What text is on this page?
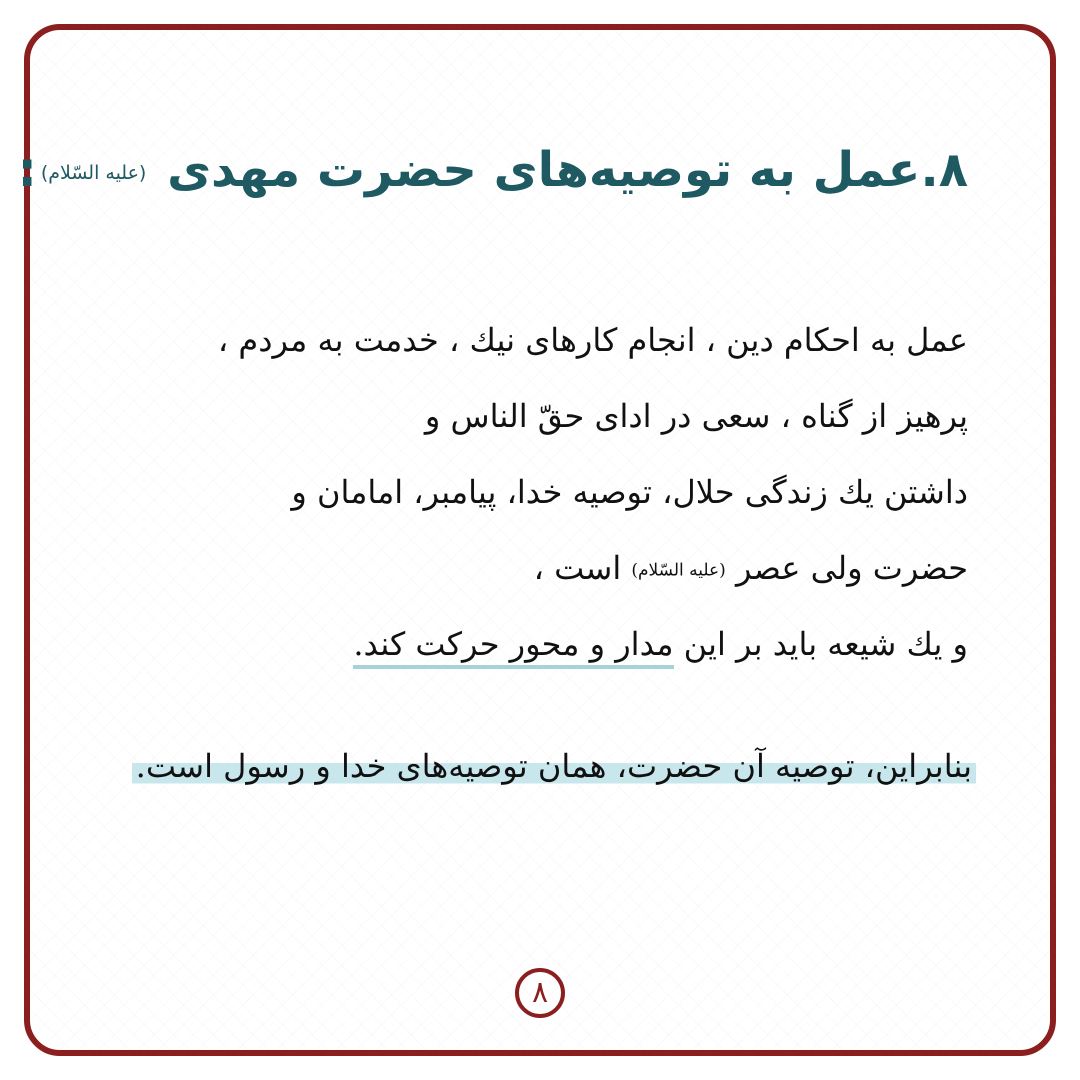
۸.عمل به توصیه‌های حضرت مهدی (علیه السّلام):
عمل به احکام دین ، انجام کارهای نیك ، خدمت به مردم ،
پرهیز از گناه ، سعی در ادای حقّ الناس و
داشتن یك زندگی حلال، توصیه خدا، پیامبر، امامان و
حضرت ولی عصر (علیه السّلام) است ،
و یك شیعه باید بر این مدار و محور حرکت کند.
بنابراین، توصیه آن حضرت، همان توصیه‌های خدا و رسول است.
۸
